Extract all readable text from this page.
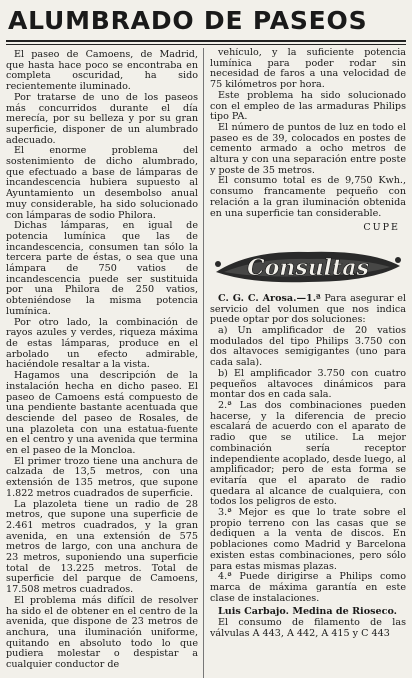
ALUMBRADO DE PASEOS

El paseo de Camoens, de Madrid, que hasta hace poco se encontraba en completa oscuridad, ha sido recientemente iluminado.

Por tratarse de uno de los paseos más concurridos durante el día merecía, por su belleza y por su gran superficie, disponer de un alumbrado adecuado.

El enorme problema del sostenimiento de dicho alumbrado, que efectuado a base de lámparas de incandescencia hubiera supuesto al Ayuntamiento un desembolso anual muy considerable, ha sido solucionado con lámparas de sodio Philora.

Dichas lámparas, en igual de potencia lumínica que las de incandescencia, consumen tan sólo la tercera parte de éstas, o sea que una lámpara de 750 vatios de incandescencia puede ser sustituida por una Philora de 250 vatios, obteniéndose la misma potencia lumínica.

Por otro lado, la combinación de rayos azules y verdes, riqueza máxima de estas lámparas, produce en el arbolado un efecto admirable, haciéndole resaltar a la vista.

Hagamos una descripción de la instalación hecha en dicho paseo. El paseo de Camoens está compuesto de una pendiente bastante acentuada que desciende del paseo de Rosales, de una plazoleta con una estatua-fuente en el centro y una avenida que termina en el paseo de la Moncloa.

El primer trozo tiene una anchura de calzada de 13,5 metros, con una extensión de 135 metros, que supone 1.822 metros cuadrados de superficie.

La plazoleta tiene un radio de 28 metros, que supone una superficie de 2.461 metros cuadrados, y la gran avenida, en una extensión de 575 metros de largo, con una anchura de 23 metros, suponiendo una superficie total de 13.225 metros. Total de superficie del parque de Camoens, 17.508 metros cuadrados.

El problema más difícil de resolver ha sido el de obtener en el centro de la avenida, que dispone de 23 metros de anchura, una iluminación uniforme, quitando en absoluto todo lo que pudiera molestar o despistar a cualquier conductor de

vehículo, y la suficiente potencia lumínica para poder rodar sin necesidad de faros a una velocidad de 75 kilómetros por hora.

Este problema ha sido solucionado con el empleo de las armaduras Philips tipo PA.

El número de puntos de luz en todo el paseo es de 39, colocados en postes de cemento armado a ocho metros de altura y con una separación entre poste y poste de 35 metros.

El consumo total es de 9,750 Kwh., consumo francamente pequeño con relación a la gran iluminación obtenida en una superficie tan considerable.

CUPE

Consultas

C. G. C. Arosa.—1.ª Para asegurar el servicio del volumen que nos indica puede optar por dos soluciones:

a) Un amplificador de 20 vatios modulados del tipo Philips 3.750 con dos altavoces semigigantes (uno para cada sala).

b) El amplificador 3.750 con cuatro pequeños altavoces dinámicos para montar dos en cada sala.

2.ª Las dos combinaciones pueden hacerse, y la diferencia de precio escalará de acuerdo con el aparato de radio que se utilice. La mejor combinación sería receptor independiente acoplado, desde luego, al amplificador; pero de esta forma se evitaría que el aparato de radio quedara al alcance de cualquiera, con todos los peligros de esto.

3.ª Mejor es que lo trate sobre el propio terreno con las casas que se dediquen a la venta de discos. En poblaciones como Madrid y Barcelona existen estas combinaciones, pero sólo para estas mismas plazas.

4.ª Puede dirigirse a Philips como marca de máxima garantía en este clase de instalaciones.

Luis Carbajo. Medina de Rioseco.

El consumo de filamento de las válvulas A 443, A 442, A 415 y C 443
